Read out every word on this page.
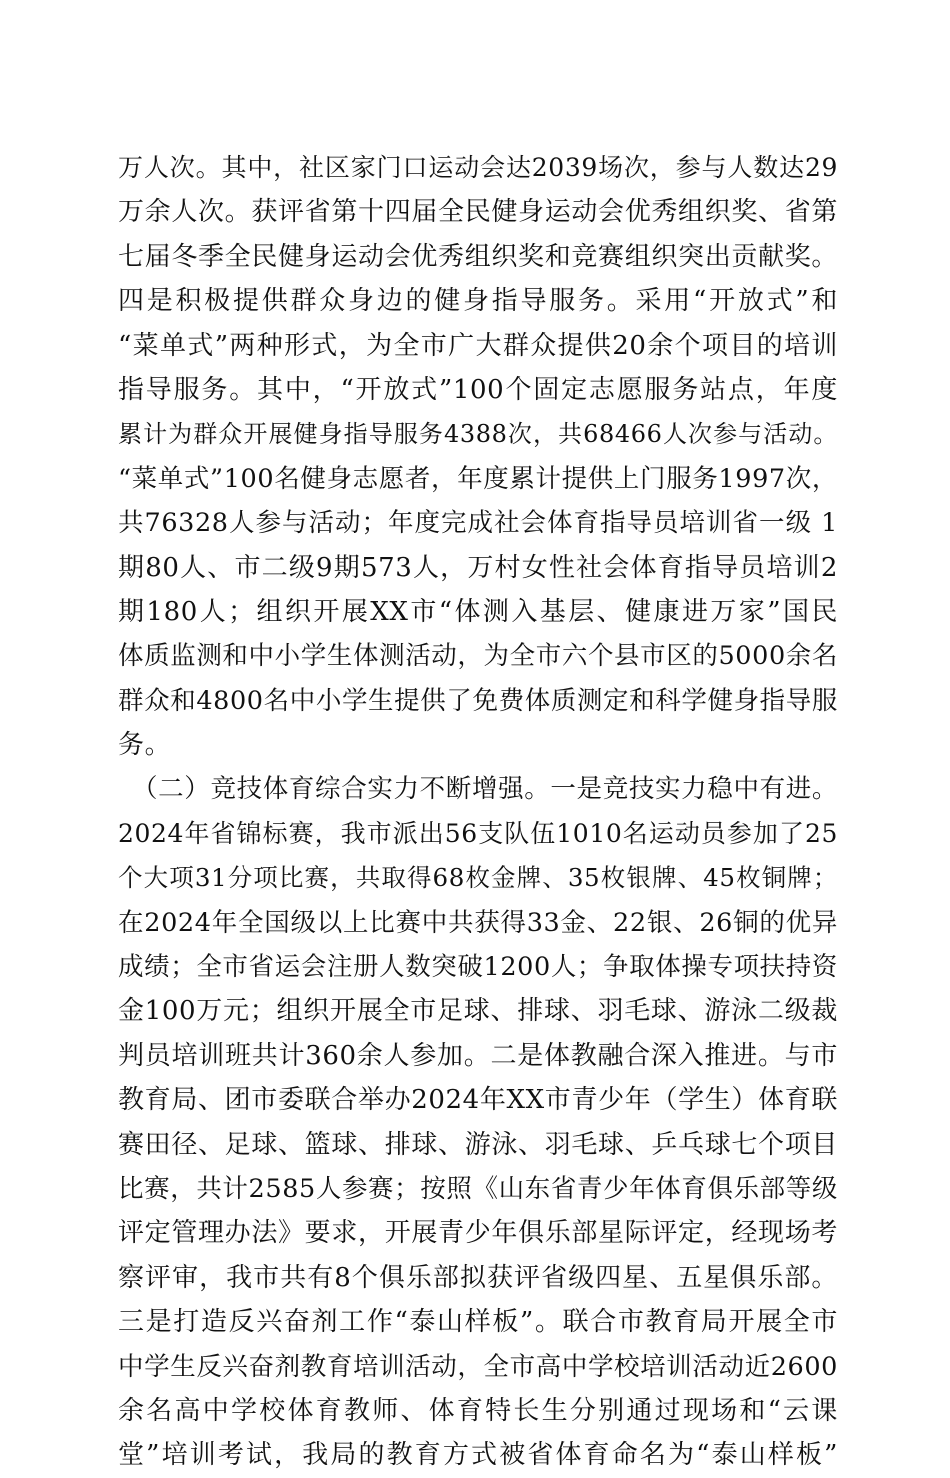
万人次。其中，社区家门口运动会达2039场次，参与人数达29
万余人次。获评省第十四届全民健身运动会优秀组织奖、省第
七届冬季全民健身运动会优秀组织奖和竞赛组织突出贡献奖。
四是积极提供群众身边的健身指导服务。采用“开放式”和
“菜单式”两种形式，为全市广大群众提供20余个项目的培训
指导服务。其中，“开放式”100个固定志愿服务站点，年度
累计为群众开展健身指导服务4388次，共68466人次参与活动。
“菜单式”100名健身志愿者，年度累计提供上门服务1997次，
共76328人参与活动；年度完成社会体育指导员培训省一级 1
期80人、市二级9期573人，万村女性社会体育指导员培训2
期180人；组织开展XX市“体测入基层、健康进万家”国民
体质监测和中小学生体测活动，为全市六个县市区的5000余名
群众和4800名中小学生提供了免费体质测定和科学健身指导服
务。
（二）竞技体育综合实力不断增强。一是竞技实力稳中有进。
2024年省锦标赛，我市派出56支队伍1010名运动员参加了25
个大项31分项比赛，共取得68枚金牌、35枚银牌、45枚铜牌；
在2024年全国级以上比赛中共获得33金、22银、26铜的优异
成绩；全市省运会注册人数突破1200人；争取体操专项扶持资
金100万元；组织开展全市足球、排球、羽毛球、游泳二级裁
判员培训班共计360余人参加。二是体教融合深入推进。与市
教育局、团市委联合举办2024年XX市青少年（学生）体育联
赛田径、足球、篮球、排球、游泳、羽毛球、乒乓球七个项目
比赛，共计2585人参赛；按照《山东省青少年体育俱乐部等级
评定管理办法》要求，开展青少年俱乐部星际评定，经现场考
察评审，我市共有8个俱乐部拟获评省级四星、五星俱乐部。
三是打造反兴奋剂工作“泰山样板”。联合市教育局开展全市
中学生反兴奋剂教育培训活动，全市高中学校培训活动近2600
余名高中学校体育教师、体育特长生分别通过现场和“云课
堂”培训考试，我局的教育方式被省体育命名为“泰山样板”
